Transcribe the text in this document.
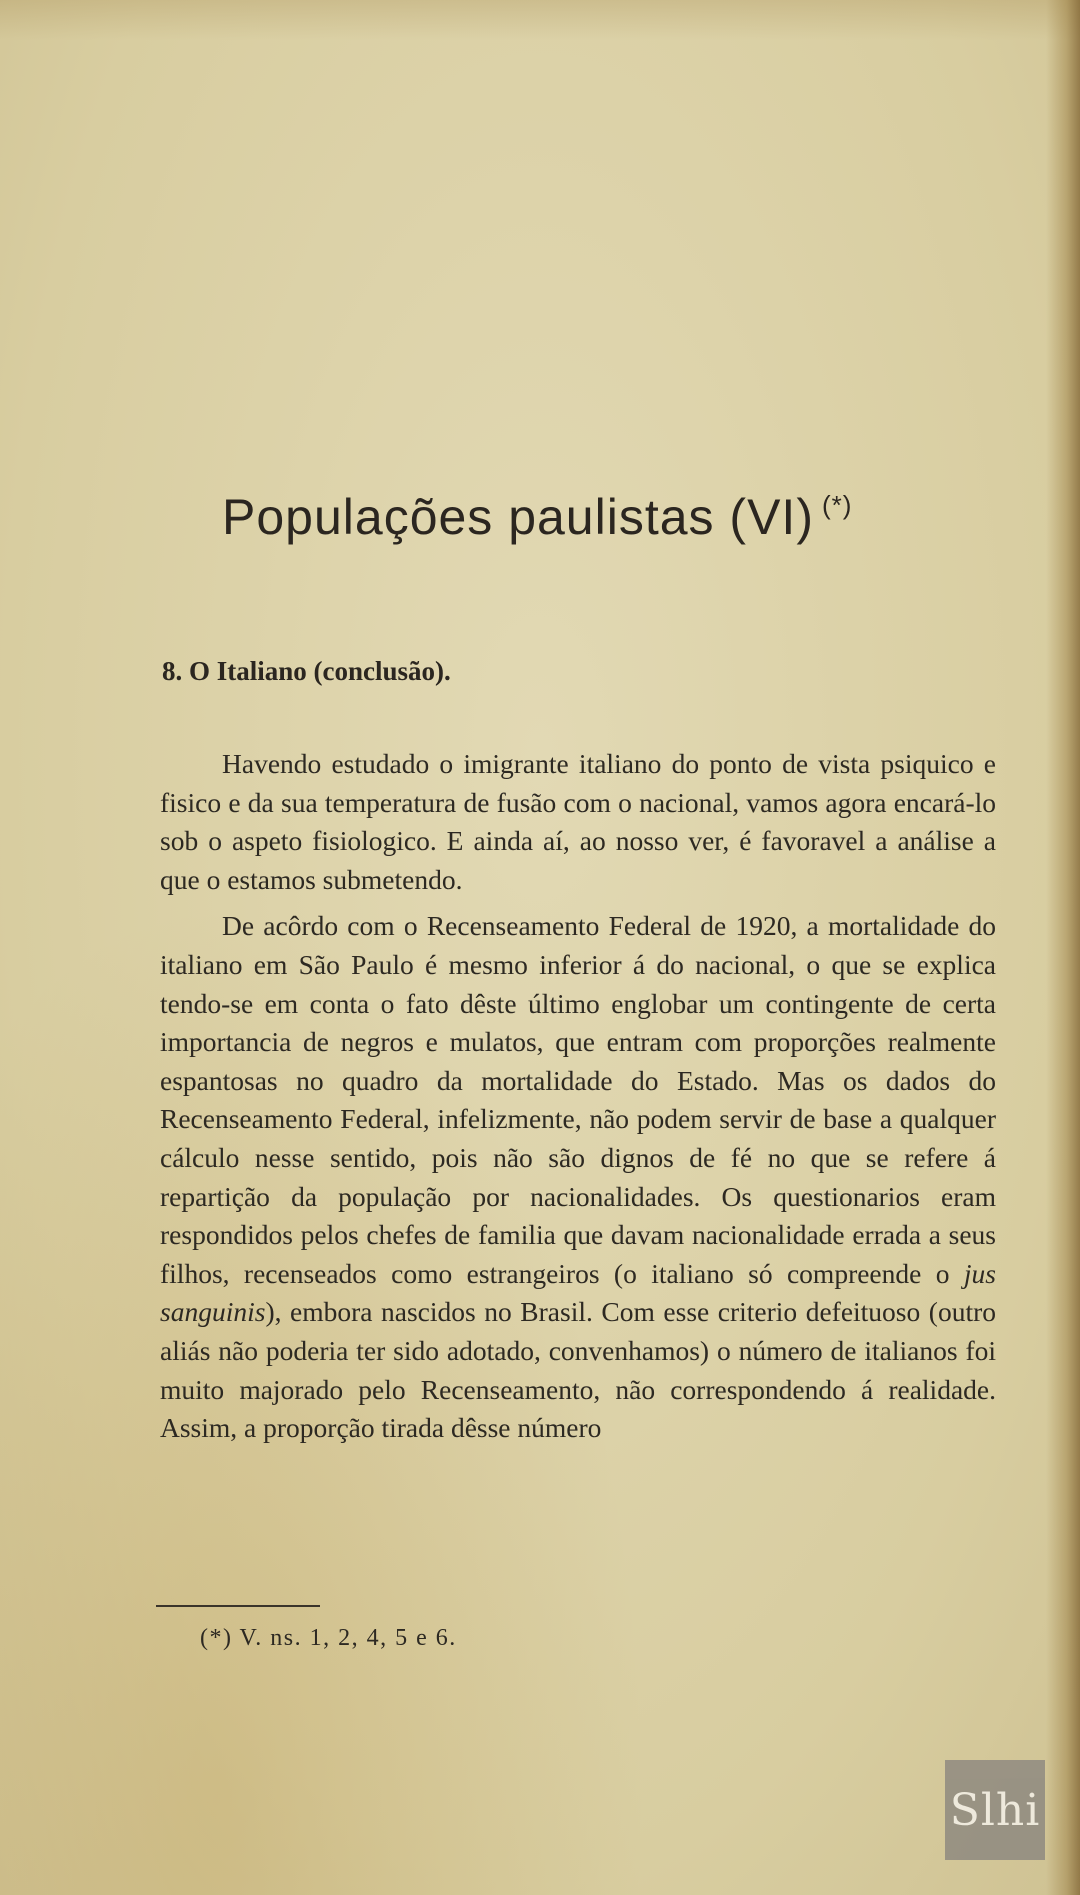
Populações paulistas (VI) (*)
8. O Italiano (conclusão).

Havendo estudado o imigrante italiano do ponto de vista psiquico e fisico e da sua temperatura de fusão com o nacional, vamos agora encará-lo sob o aspeto fisiologico. E ainda aí, ao nosso ver, é favoravel a análise a que o estamos submetendo.

De acôrdo com o Recenseamento Federal de 1920, a mortalidade do italiano em São Paulo é mesmo inferior á do nacional, o que se explica tendo-se em conta o fato dêste último englobar um contingente de certa importancia de negros e mulatos, que entram com proporções realmente espantosas no quadro da mortalidade do Estado. Mas os dados do Recenseamento Federal, infelizmente, não podem servir de base a qualquer cálculo nesse sentido, pois não são dignos de fé no que se refere á repartição da população por nacionalidades. Os questionarios eram respondidos pelos chefes de familia que davam nacionalidade errada a seus filhos, recenseados como estrangeiros (o italiano só compreende o jus sanguinis), embora nascidos no Brasil. Com esse criterio defeituoso (outro aliás não poderia ter sido adotado, convenhamos) o número de italianos foi muito majorado pelo Recenseamento, não correspondendo á realidade. Assim, a proporção tirada dêsse número

(*) V. ns. 1, 2, 4, 5 e 6.
Slhi
